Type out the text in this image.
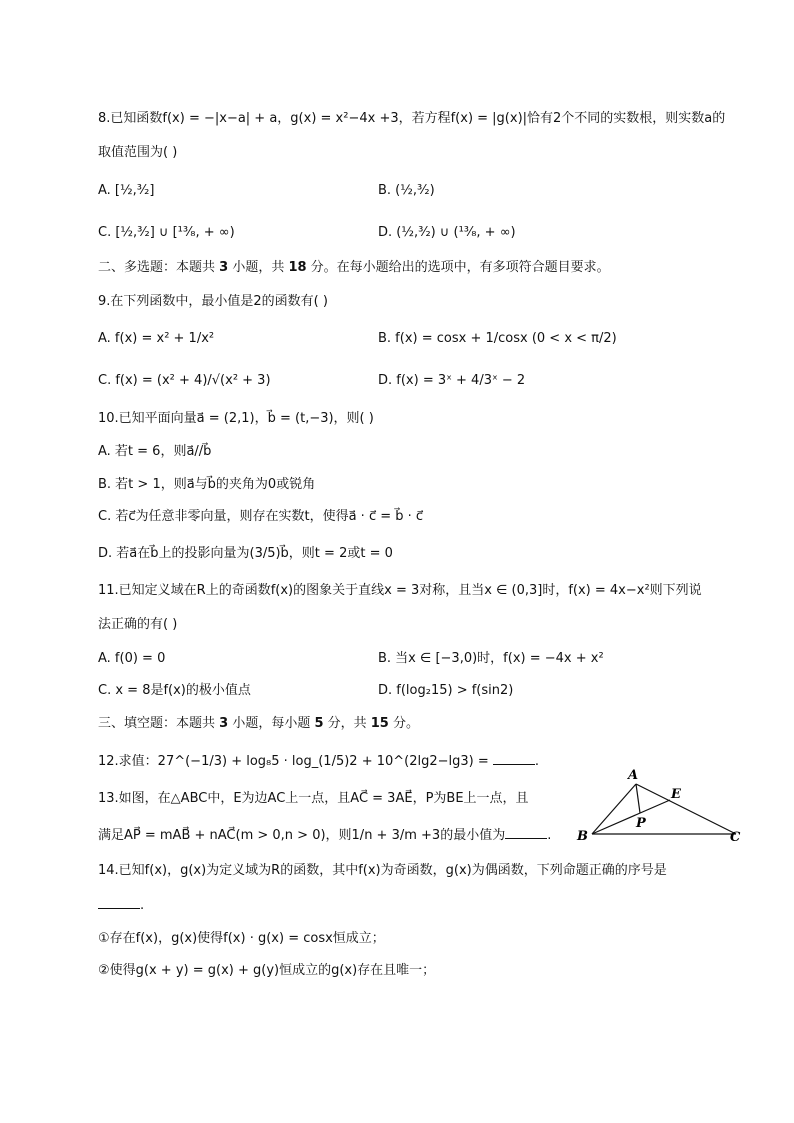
8.已知函数f(x) = −|x−a| + a，g(x) = x²−4x +3，若方程f(x) = |g(x)|恰有2个不同的实数根，则实数a的
取值范围为( )
A. [½,³⁄₂]	B. (½,³⁄₂)
C. [½,³⁄₂] ∪ [¹³⁄₈, + ∞)	D. (½,³⁄₂) ∪ (¹³⁄₈, + ∞)
二、多选题：本题共 3 小题，共 18 分。在每小题给出的选项中，有多项符合题目要求。
9.在下列函数中，最小值是2的函数有( )
A. f(x) = x² + 1/x²	B. f(x) = cosx + 1/cosx (0 < x < π/2)
C. f(x) = (x² + 4)/√(x² + 3)	D. f(x) = 3ˣ + 4/3ˣ − 2
10.已知平面向量a⃗ = (2,1)，b⃗ = (t,−3)，则( )
A. 若t = 6，则a⃗//b⃗
B. 若t > 1，则a⃗与b⃗的夹角为0或锐角
C. 若c⃗为任意非零向量，则存在实数t，使得a⃗ · c⃗ = b⃗ · c⃗
D. 若a⃗在b⃗上的投影向量为(3/5)b⃗，则t = 2或t = 0
11.已知定义域在R上的奇函数f(x)的图象关于直线x = 3对称，且当x ∈ (0,3]时，f(x) = 4x−x²则下列说
法正确的有( )
A. f(0) = 0	B. 当x ∈ [−3,0)时，f(x) = −4x + x²
C. x = 8是f(x)的极小值点	D. f(log₂15) > f(sin2)
三、填空题：本题共 3 小题，每小题 5 分，共 15 分。
12.求值：27^(−1/3) + log₈5 · log_(1/5)2 + 10^(2lg2−lg3) =	.
13.如图，在△ABC中，E为边AC上一点，且AC⃗ = 3AE⃗，P为BE上一点，且
满足AP⃗ = mAB⃗ + nAC⃗(m > 0,n > 0)，则1/n + 3/m +3的最小值为	.
A
B	C
E
P
14.已知f(x)，g(x)为定义域为R的函数，其中f(x)为奇函数，g(x)为偶函数，下列命题正确的序号是
.
①存在f(x)，g(x)使得f(x) · g(x) = cosx恒成立；
②使得g(x + y) = g(x) + g(y)恒成立的g(x)存在且唯一；
